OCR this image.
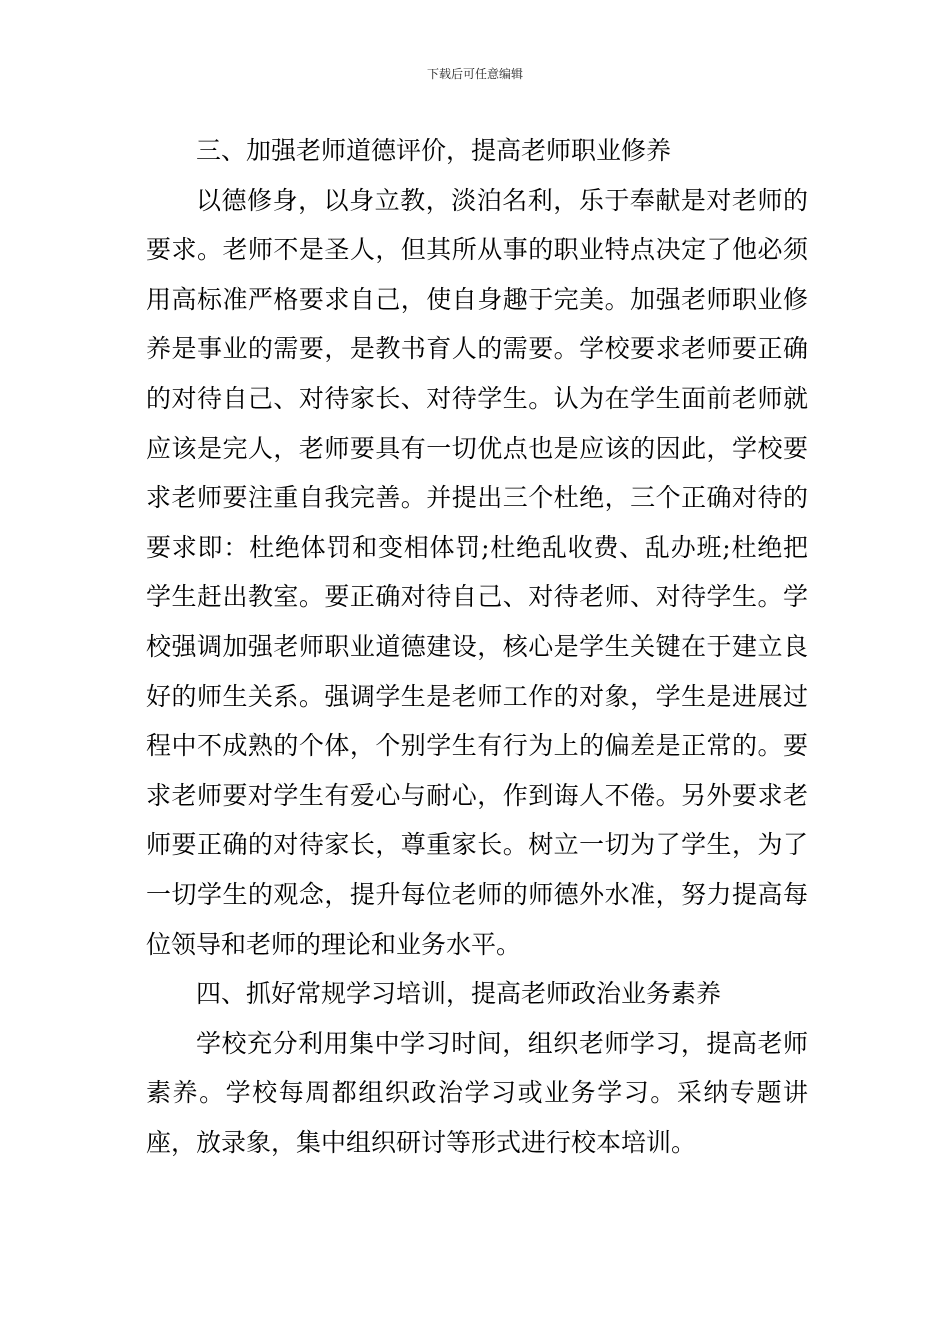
下载后可任意编辑

三、加强老师道德评价，提高老师职业修养

以德修身，以身立教，淡泊名利，乐于奉献是对老师的要求。老师不是圣人，但其所从事的职业特点决定了他必须用高标准严格要求自己，使自身趣于完美。加强老师职业修养是事业的需要，是教书育人的需要。学校要求老师要正确的对待自己、对待家长、对待学生。认为在学生面前老师就应该是完人，老师要具有一切优点也是应该的因此，学校要求老师要注重自我完善。并提出三个杜绝，三个正确对待的要求即：杜绝体罚和变相体罚;杜绝乱收费、乱办班;杜绝把学生赶出教室。要正确对待自己、对待老师、对待学生。学校强调加强老师职业道德建设，核心是学生关键在于建立良好的师生关系。强调学生是老师工作的对象，学生是进展过程中不成熟的个体，个别学生有行为上的偏差是正常的。要求老师要对学生有爱心与耐心，作到诲人不倦。另外要求老师要正确的对待家长，尊重家长。树立一切为了学生，为了一切学生的观念，提升每位老师的师德外水准，努力提高每位领导和老师的理论和业务水平。

四、抓好常规学习培训，提高老师政治业务素养

学校充分利用集中学习时间，组织老师学习，提高老师素养。学校每周都组织政治学习或业务学习。采纳专题讲座，放录象，集中组织研讨等形式进行校本培训。
